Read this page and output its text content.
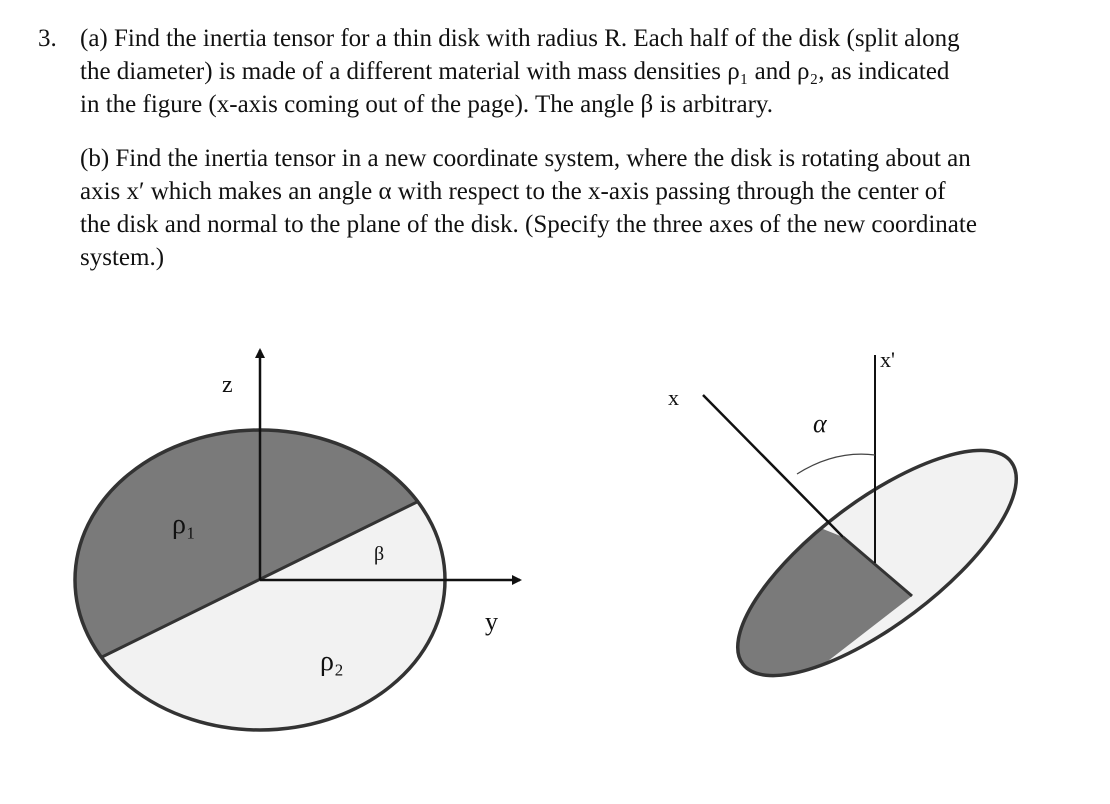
3. (a) Find the inertia tensor for a thin disk with radius R. Each half of the disk (split along
the diameter) is made of a different material with mass densities ρ₁ and ρ₂, as indicated
in the figure (x-axis coming out of the page). The angle β is arbitrary.
(b) Find the inertia tensor in a new coordinate system, where the disk is rotating about an
axis x′ which makes an angle α with respect to the x-axis passing through the center of
the disk and normal to the plane of the disk. (Specify the three axes of the new coordinate
system.)
z
y
β
ρ₁
ρ₂
x
x'
α
